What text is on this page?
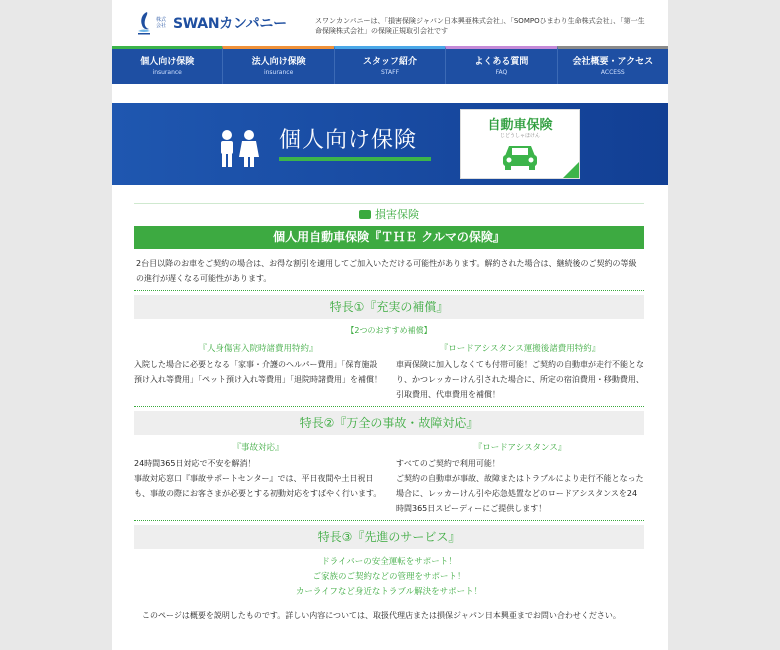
株式会社 SWANカンパニー	スワンカンパニーは、「損害保険ジャパン日本興亜株式会社」、「SOMPOひまわり生命株式会社」、「第一生命保険株式会社」の保険正規取引会社です
個人向け保険
insurance
法人向け保険
insurance
スタッフ紹介
STAFF
よくある質問
FAQ
会社概要・アクセス
ACCESS
個人向け保険
自動車保険
じどうしゃほけん
損害保険
個人用自動車保険『ＴＨＥ クルマの保険』
2台目以降のお車をご契約の場合は、お得な割引を適用してご加入いただける可能性があります。解約された場合は、継続後のご契約の等級の進行が遅くなる可能性があります。
特長①『充実の補償』
【2つのおすすめ補償】
『人身傷害入院時諸費用特約』
入院した場合に必要となる「家事・介護のヘルパー費用」「保育施設預け入れ等費用」「ペット預け入れ等費用」「退院時諸費用」を補償！
『ロードアシスタンス運搬後諸費用特約』
車両保険に加入しなくても付帯可能！ご契約の自動車が走行不能となり、かつレッカーけん引された場合に、所定の宿泊費用・移動費用、引取費用、代車費用を補償！
特長②『万全の事故・故障対応』
『事故対応』
24時間365日対応で不安を解消！
事故対応窓口『事故サポートセンター』では、平日夜間や土日祝日も、事故の際にお客さまが必要とする初動対応をすばやく行います。
『ロードアシスタンス』
すべてのご契約で利用可能！
ご契約の自動車が事故、故障またはトラブルにより走行不能となった場合に、レッカーけん引や応急処置などのロードアシスタンスを24時間365日スピーディーにご提供します！
特長③『先進のサービス』
ドライバーの安全運転をサポート！
ご家族のご契約などの管理をサポート！
カーライフなど身近なトラブル解決をサポート！
このページは概要を説明したものです。詳しい内容については、取扱代理店または損保ジャパン日本興亜までお問い合わせください。
